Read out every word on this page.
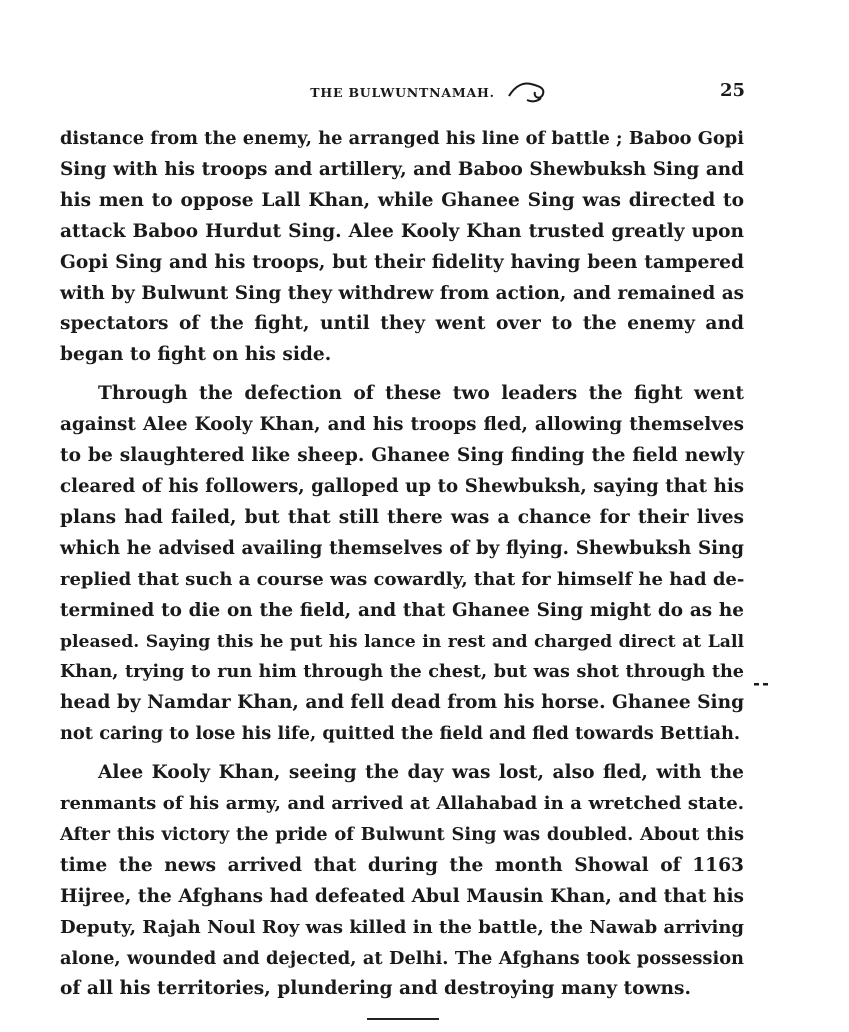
THE BULWUNTNAMAH.	25
distance from the enemy, he arranged his line of battle ; Baboo Gopi
Sing with his troops and artillery, and Baboo Shewbuksh Sing and
his men to oppose Lall Khan, while Ghanee Sing was directed to
attack Baboo Hurdut Sing. Alee Kooly Khan trusted greatly upon
Gopi Sing and his troops, but their fidelity having been tampered
with by Bulwunt Sing they withdrew from action, and remained as
spectators of the fight, until they went over to the enemy and
began to fight on his side.
Through the defection of these two leaders the fight went
against Alee Kooly Khan, and his troops fled, allowing themselves
to be slaughtered like sheep. Ghanee Sing finding the field newly
cleared of his followers, galloped up to Shewbuksh, saying that his
plans had failed, but that still there was a chance for their lives
which he advised availing themselves of by flying. Shewbuksh Sing
replied that such a course was cowardly, that for himself he had de-
termined to die on the field, and that Ghanee Sing might do as he
pleased. Saying this he put his lance in rest and charged direct at Lall
Khan, trying to run him through the chest, but was shot through the
head by Namdar Khan, and fell dead from his horse. Ghanee Sing
not caring to lose his life, quitted the field and fled towards Bettiah.
Alee Kooly Khan, seeing the day was lost, also fled, with the
renmants of his army, and arrived at Allahabad in a wretched state.
After this victory the pride of Bulwunt Sing was doubled. About this
time the news arrived that during the month Showal of 1163
Hijree, the Afghans had defeated Abul Mausin Khan, and that his
Deputy, Rajah Noul Roy was killed in the battle, the Nawab arriving
alone, wounded and dejected, at Delhi. The Afghans took possession
of all his territories, plundering and destroying many towns.
